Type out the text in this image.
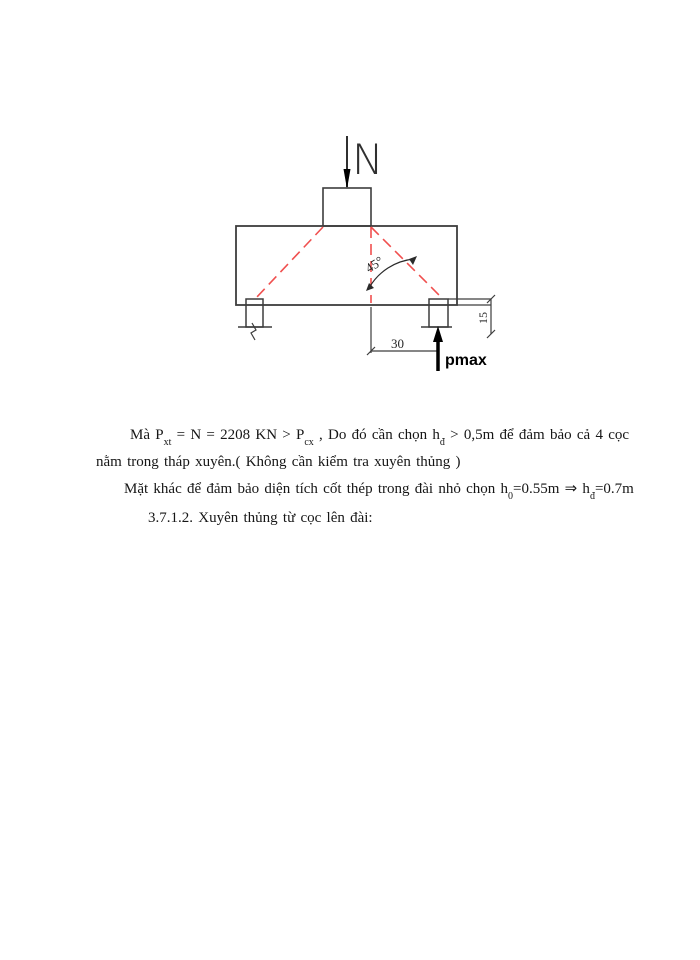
N
45°
15
30
pmax
Mà $P_{xt} = N = 2208$ KN > $P_{cx}$ , Do đó cần chọn $h_đ > 0,5m$ để đảm bảo cả 4 cọc
nằm trong tháp xuyên.( Không cần kiểm tra xuyên thủng )
Mặt khác để đảm bảo diện tích cốt thép trong đài nhỏ chọn $h_0=0.55m$ ⇒ $h_đ=0.7m$
3.7.1.2. Xuyên thủng từ cọc lên đài:
